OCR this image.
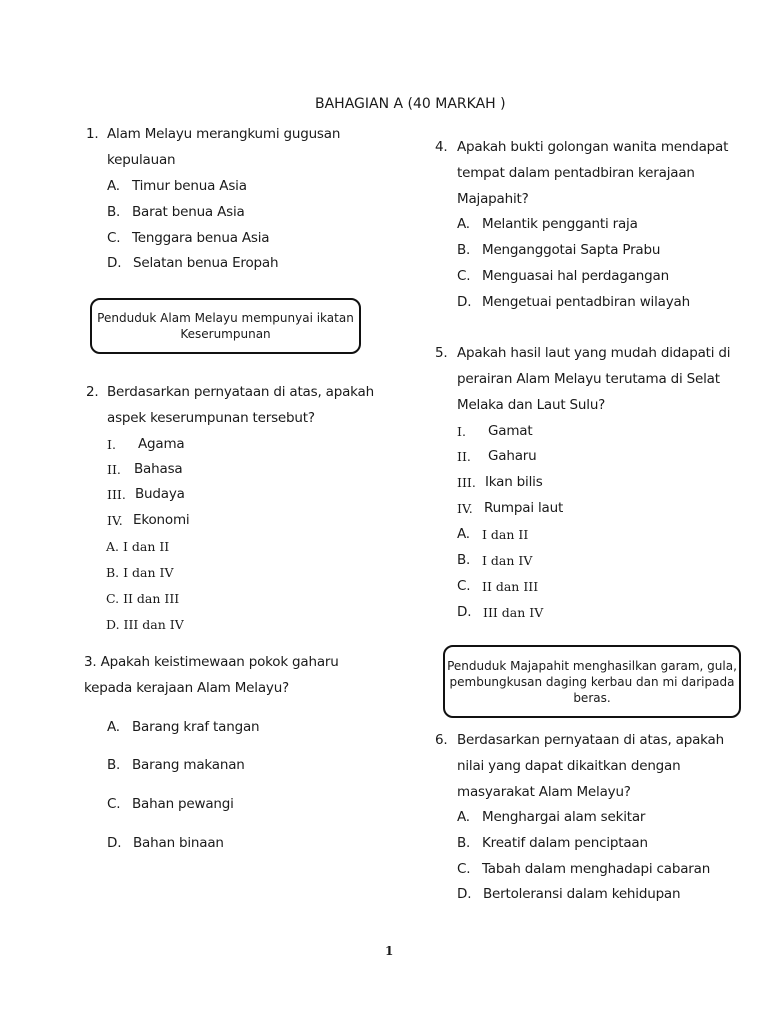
BAHAGIAN A (40 MARKAH )
1. Alam Melayu merangkumi gugusan
kepulauan
A. Timur benua Asia
B. Barat benua Asia
C. Tenggara benua Asia
D. Selatan benua Eropah
Penduduk Alam Melayu mempunyai ikatan
Keserumpunan
2. Berdasarkan pernyataan di atas, apakah
aspek keserumpunan tersebut?
I. Agama
II. Bahasa
III. Budaya
IV. Ekonomi
A. I dan II
B. I dan IV
C. II dan III
D. III dan IV
3. Apakah keistimewaan pokok gaharu
kepada kerajaan Alam Melayu?
A. Barang kraf tangan
B. Barang makanan
C. Bahan pewangi
D. Bahan binaan
4. Apakah bukti golongan wanita mendapat
tempat dalam pentadbiran kerajaan
Majapahit?
A. Melantik pengganti raja
B. Menganggotai Sapta Prabu
C. Menguasai hal perdagangan
D. Mengetuai pentadbiran wilayah
5. Apakah hasil laut yang mudah didapati di
perairan Alam Melayu terutama di Selat
Melaka dan Laut Sulu?
I. Gamat
II. Gaharu
III. Ikan bilis
IV. Rumpai laut
A. I dan II
B. I dan IV
C. II dan III
D. III dan IV
Penduduk Majapahit menghasilkan garam, gula,
pembungkusan daging kerbau dan mi daripada
beras.
6. Berdasarkan pernyataan di atas, apakah
nilai yang dapat dikaitkan dengan
masyarakat Alam Melayu?
A. Menghargai alam sekitar
B. Kreatif dalam penciptaan
C. Tabah dalam menghadapi cabaran
D. Bertoleransi dalam kehidupan
1
